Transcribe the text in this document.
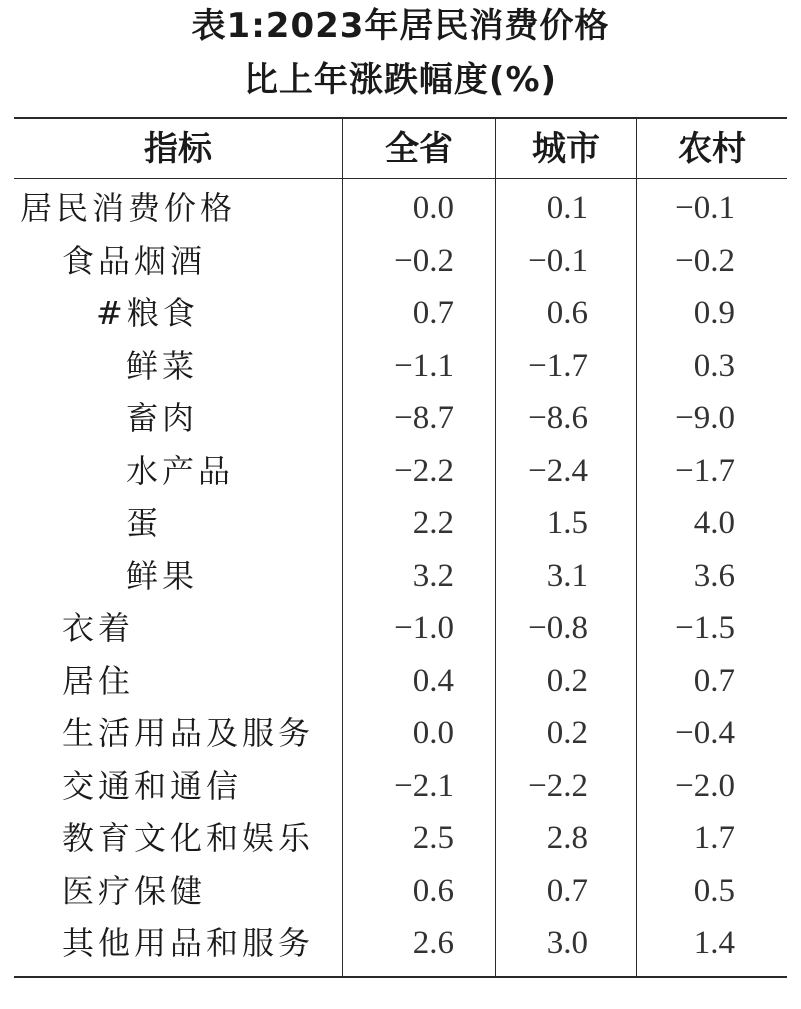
表1:2023年居民消费价格
比上年涨跌幅度(%)
指标	全省	城市	农村
居民消费价格	0.0	0.1	−0.1
食品烟酒	−0.2	−0.1	−0.2
#粮食	0.7	0.6	0.9
鲜菜	−1.1	−1.7	0.3
畜肉	−8.7	−8.6	−9.0
水产品	−2.2	−2.4	−1.7
蛋	2.2	1.5	4.0
鲜果	3.2	3.1	3.6
衣着	−1.0	−0.8	−1.5
居住	0.4	0.2	0.7
生活用品及服务	0.0	0.2	−0.4
交通和通信	−2.1	−2.2	−2.0
教育文化和娱乐	2.5	2.8	1.7
医疗保健	0.6	0.7	0.5
其他用品和服务	2.6	3.0	1.4
